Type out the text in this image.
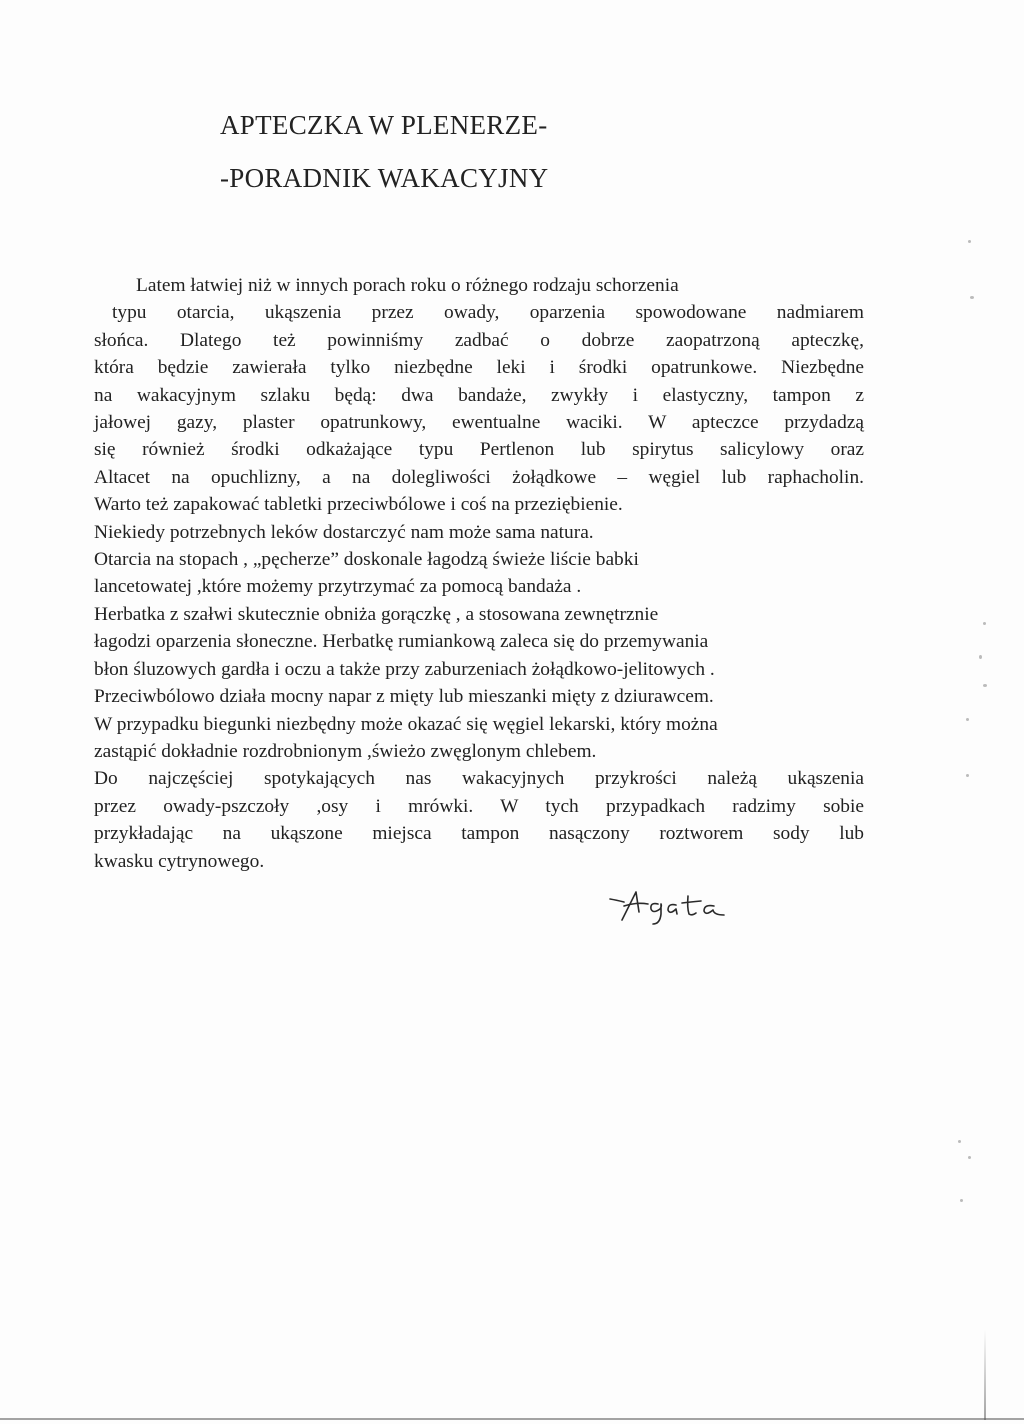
APTECZKA W PLENERZE-
-PORADNIK WAKACYJNY
Latem łatwiej niż w innych porach roku o różnego rodzaju schorzenia
typu otarcia, ukąszenia przez owady, oparzenia spowodowane nadmiarem
słońca. Dlatego też powinniśmy zadbać o dobrze zaopatrzoną apteczkę,
która będzie zawierała tylko niezbędne leki i środki opatrunkowe. Niezbędne
na wakacyjnym szlaku będą: dwa bandaże, zwykły i elastyczny, tampon z
jałowej gazy, plaster opatrunkowy, ewentualne waciki. W apteczce przydadzą
się również środki odkażające typu Pertlenon lub spirytus salicylowy oraz
Altacet na opuchlizny, a na dolegliwości żołądkowe – węgiel lub raphacholin.
Warto też zapakować tabletki przeciwbólowe i coś na przeziębienie.
Niekiedy potrzebnych leków dostarczyć nam może sama natura.
Otarcia na stopach , „pęcherze” doskonale łagodzą świeże liście babki
lancetowatej ,które możemy przytrzymać za pomocą bandaża .
Herbatka z szałwi skutecznie obniża gorączkę , a stosowana zewnętrznie
łagodzi oparzenia słoneczne. Herbatkę rumiankową zaleca się do przemywania
błon śluzowych gardła i oczu a także przy zaburzeniach żołądkowo-jelitowych .
Przeciwbólowo działa mocny napar z mięty lub mieszanki mięty z dziurawcem.
W przypadku biegunki niezbędny może okazać się węgiel lekarski, który można
zastąpić dokładnie rozdrobnionym ,świeżo zwęglonym chlebem.
Do najczęściej spotykających nas wakacyjnych przykrości należą ukąszenia
przez owady-pszczoły ,osy i mrówki. W tych przypadkach radzimy sobie
przykładając na ukąszone miejsca tampon nasączony roztworem sody lub
kwasku cytrynowego.
